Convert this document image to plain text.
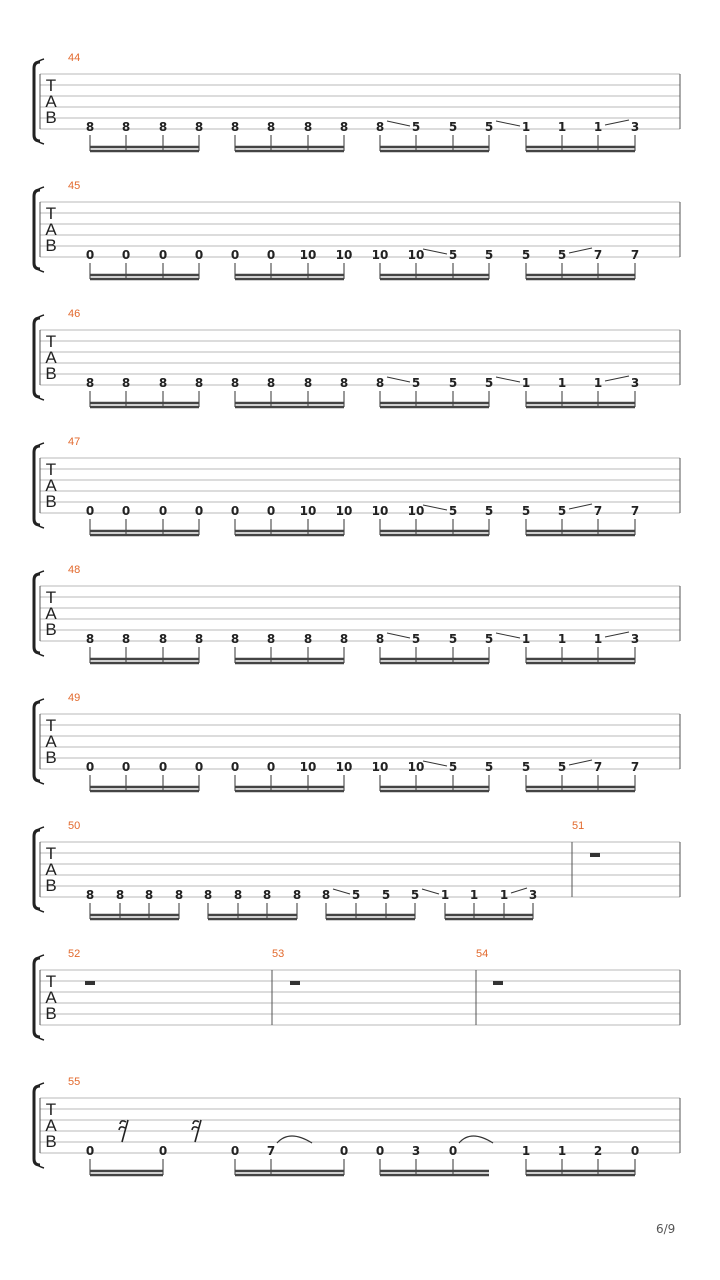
T
A
B
44
8 8 8 8 8 8 8 8 8 5 5 5 1 1 1 3
T
A
B
45
0 0 0 0 0 0 10 10 10 10 5 5 5 5 7 7
T
A
B
46
8 8 8 8 8 8 8 8 8 5 5 5 1 1 1 3
T
A
B
47
0 0 0 0 0 0 10 10 10 10 5 5 5 5 7 7
T
A
B
48
8 8 8 8 8 8 8 8 8 5 5 5 1 1 1 3
T
A
B
49
0 0 0 0 0 0 10 10 10 10 5 5 5 5 7 7
T
A
B
50
8 8 8 8 8 8 8 8 8 5 5 5 1 1 1 3
51
T
A
B
52	53	54
T
A
B
55
0	0	0 7	0 0 3 0	1 1 2 0
6/9
